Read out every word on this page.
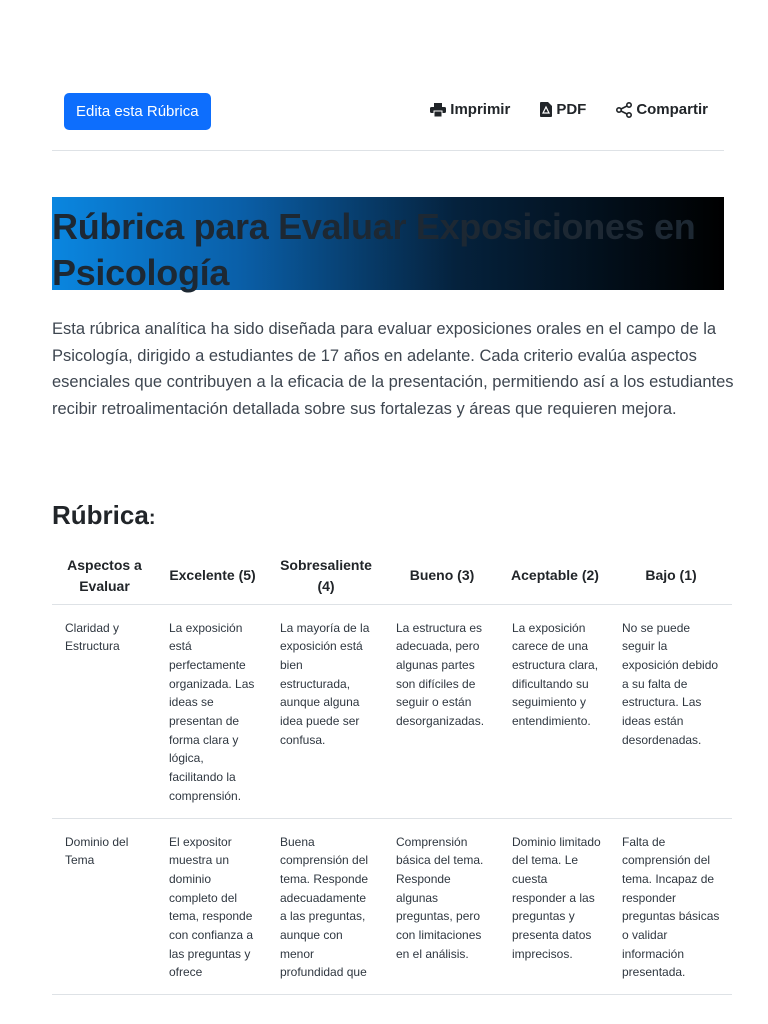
Edita esta Rúbrica	Imprimir	PDF	Compartir
Rúbrica para Evaluar Exposiciones en Psicología

Esta rúbrica analítica ha sido diseñada para evaluar exposiciones orales en el campo de la Psicología, dirigido a estudiantes de 17 años en adelante. Cada criterio evalúa aspectos esenciales que contribuyen a la eficacia de la presentación, permitiendo así a los estudiantes recibir retroalimentación detallada sobre sus fortalezas y áreas que requieren mejora.

Rúbrica:
Aspectos a Evaluar	Excelente (5)	Sobresaliente (4)	Bueno (3)	Aceptable (2)	Bajo (1)
Claridad y Estructura	La exposición está perfectamente organizada. Las ideas se presentan de forma clara y lógica, facilitando la comprensión.	La mayoría de la exposición está bien estructurada, aunque alguna idea puede ser confusa.	La estructura es adecuada, pero algunas partes son difíciles de seguir o están desorganizadas.	La exposición carece de una estructura clara, dificultando su seguimiento y entendimiento.	No se puede seguir la exposición debido a su falta de estructura. Las ideas están desordenadas.
Dominio del Tema	El expositor muestra un dominio completo del tema, responde con confianza a las preguntas y ofrece	Buena comprensión del tema. Responde adecuadamente a las preguntas, aunque con menor profundidad que	Comprensión básica del tema. Responde algunas preguntas, pero con limitaciones en el análisis.	Dominio limitado del tema. Le cuesta responder a las preguntas y presenta datos imprecisos.	Falta de comprensión del tema. Incapaz de responder preguntas básicas o validar información presentada.
